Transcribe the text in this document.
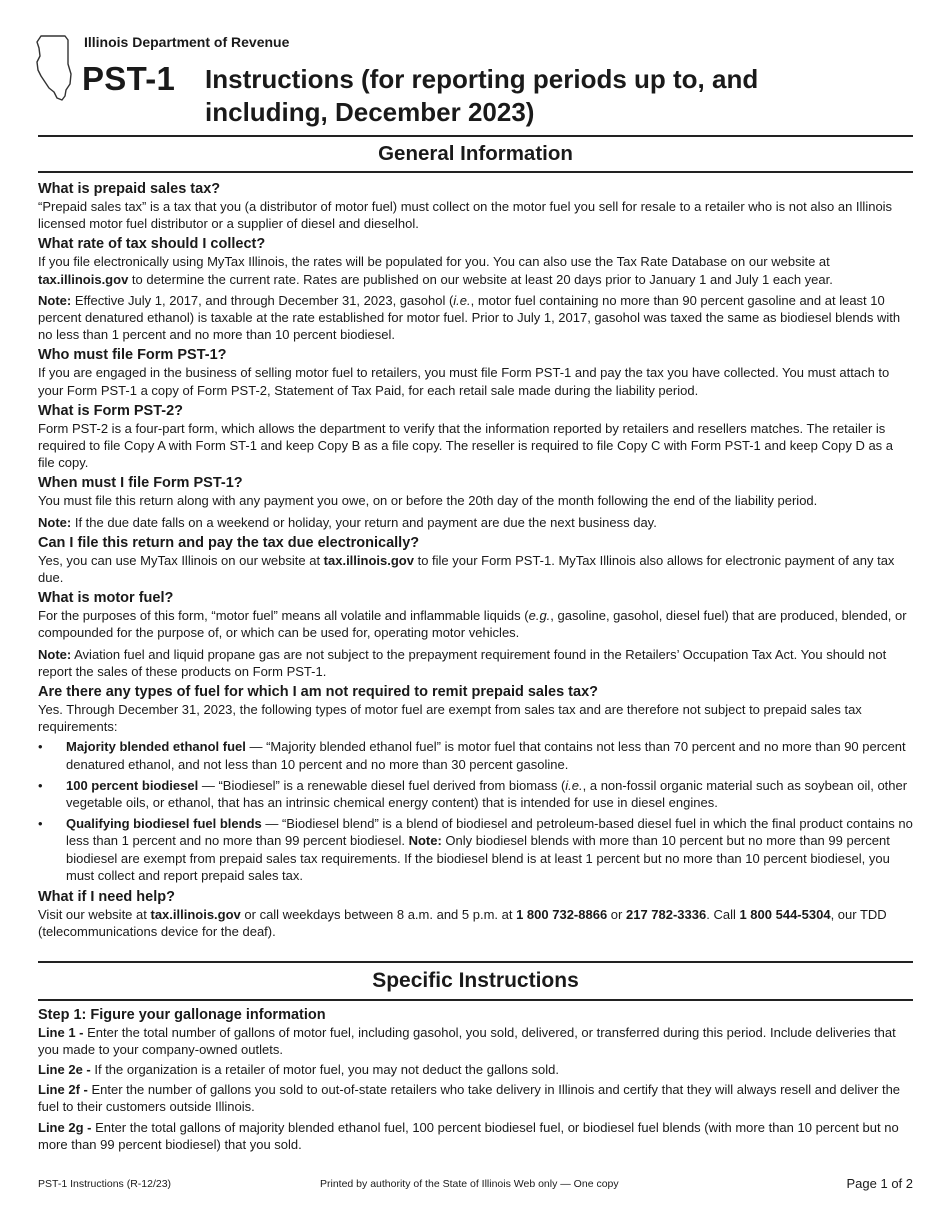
Illinois Department of Revenue
PST-1 Instructions (for reporting periods up to, and including, December 2023)
General Information
What is prepaid sales tax?

“Prepaid sales tax” is a tax that you (a distributor of motor fuel) must collect on the motor fuel you sell for resale to a retailer who is not also an Illinois licensed motor fuel distributor or a supplier of diesel and dieselhol.

What rate of tax should I collect?

If you file electronically using MyTax Illinois, the rates will be populated for you. You can also use the Tax Rate Database on our website at tax.illinois.gov to determine the current rate. Rates are published on our website at least 20 days prior to January 1 and July 1 each year.

Note: Effective July 1, 2017, and through December 31, 2023, gasohol (i.e., motor fuel containing no more than 90 percent gasoline and at least 10 percent denatured ethanol) is taxable at the rate established for motor fuel. Prior to July 1, 2017, gasohol was taxed the same as biodiesel blends with no less than 1 percent and no more than 10 percent biodiesel.

Who must file Form PST-1?

If you are engaged in the business of selling motor fuel to retailers, you must file Form PST-1 and pay the tax you have collected. You must attach to your Form PST-1 a copy of Form PST-2, Statement of Tax Paid, for each retail sale made during the liability period.

What is Form PST-2?

Form PST-2 is a four-part form, which allows the department to verify that the information reported by retailers and resellers matches. The retailer is required to file Copy A with Form ST-1 and keep Copy B as a file copy. The reseller is required to file Copy C with Form PST-1 and keep Copy D as a file copy.

When must I file Form PST-1?

You must file this return along with any payment you owe, on or before the 20th day of the month following the end of the liability period.

Note: If the due date falls on a weekend or holiday, your return and payment are due the next business day.

Can I file this return and pay the tax due electronically?

Yes, you can use MyTax Illinois on our website at tax.illinois.gov to file your Form PST-1. MyTax Illinois also allows for electronic payment of any tax due.

What is motor fuel?

For the purposes of this form, “motor fuel” means all volatile and inflammable liquids (e.g., gasoline, gasohol, diesel fuel) that are produced, blended, or compounded for the purpose of, or which can be used for, operating motor vehicles.

Note: Aviation fuel and liquid propane gas are not subject to the prepayment requirement found in the Retailers’ Occupation Tax Act. You should not report the sales of these products on Form PST-1.

Are there any types of fuel for which I am not required to remit prepaid sales tax?

Yes. Through December 31, 2023, the following types of motor fuel are exempt from sales tax and are therefore not subject to prepaid sales tax requirements:

• Majority blended ethanol fuel — “Majority blended ethanol fuel” is motor fuel that contains not less than 70 percent and no more than 90 percent denatured ethanol, and not less than 10 percent and no more than 30 percent gasoline.
• 100 percent biodiesel — “Biodiesel” is a renewable diesel fuel derived from biomass (i.e., a non-fossil organic material such as soybean oil, other vegetable oils, or ethanol, that has an intrinsic chemical energy content) that is intended for use in diesel engines.
• Qualifying biodiesel fuel blends — “Biodiesel blend” is a blend of biodiesel and petroleum-based diesel fuel in which the final product contains no less than 1 percent and no more than 99 percent biodiesel. Note: Only biodiesel blends with more than 10 percent but no more than 99 percent biodiesel are exempt from prepaid sales tax requirements. If the biodiesel blend is at least 1 percent but no more than 10 percent biodiesel, you must collect and report prepaid sales tax.
What if I need help?

Visit our website at tax.illinois.gov or call weekdays between 8 a.m. and 5 p.m. at 1 800 732-8866 or 217 782-3336. Call 1 800 544-5304, our TDD (telecommunications device for the deaf).

Specific Instructions
Step 1: Figure your gallonage information

Line 1 - Enter the total number of gallons of motor fuel, including gasohol, you sold, delivered, or transferred during this period. Include deliveries that you made to your company-owned outlets.

Line 2e - If the organization is a retailer of motor fuel, you may not deduct the gallons sold.

Line 2f - Enter the number of gallons you sold to out-of-state retailers who take delivery in Illinois and certify that they will always resell and deliver the fuel to their customers outside Illinois.

Line 2g - Enter the total gallons of majority blended ethanol fuel, 100 percent biodiesel fuel, or biodiesel fuel blends (with more than 10 percent but no more than 99 percent biodiesel) that you sold.

PST-1 Instructions (R-12/23)	Printed by authority of the State of Illinois Web only — One copy	Page 1 of 2
